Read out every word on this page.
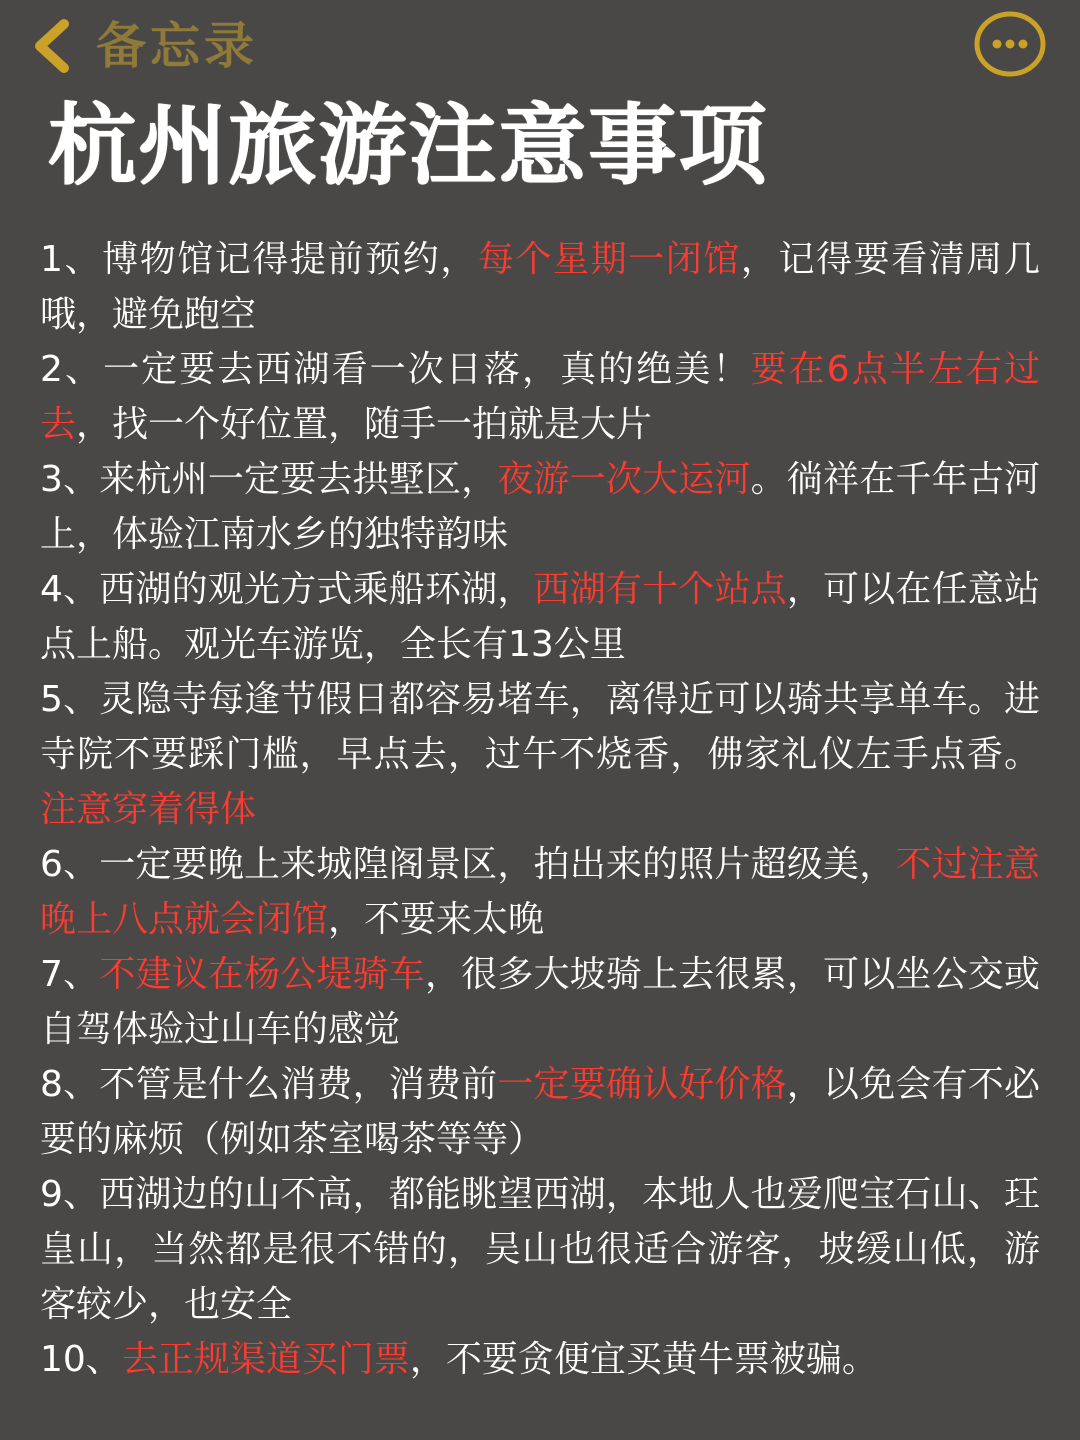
备忘录
杭州旅游注意事项
1、博物馆记得提前预约，每个星期一闭馆，记得要看清周几哦，避免跑空
2、一定要去西湖看一次日落，真的绝美！要在6点半左右过去，找一个好位置，随手一拍就是大片
3、来杭州一定要去拱墅区，夜游一次大运河。徜祥在千年古河上，体验江南水乡的独特韵味
4、西湖的观光方式乘船环湖，西湖有十个站点，可以在任意站点上船。观光车游览，全长有13公里
5、灵隐寺每逢节假日都容易堵车，离得近可以骑共享单车。进寺院不要踩门槛，早点去，过午不烧香，佛家礼仪左手点香。注意穿着得体
6、一定要晚上来城隍阁景区，拍出来的照片超级美，不过注意晚上八点就会闭馆，不要来太晚
7、不建议在杨公堤骑车，很多大坡骑上去很累，可以坐公交或自驾体验过山车的感觉
8、不管是什么消费，消费前一定要确认好价格，以免会有不必要的麻烦（例如茶室喝茶等等）
9、西湖边的山不高，都能眺望西湖，本地人也爱爬宝石山、玨皇山，当然都是很不错的，吴山也很适合游客，坡缓山低，游客较少，也安全
10、去正规渠道买门票，不要贪便宜买黄牛票被骗。
